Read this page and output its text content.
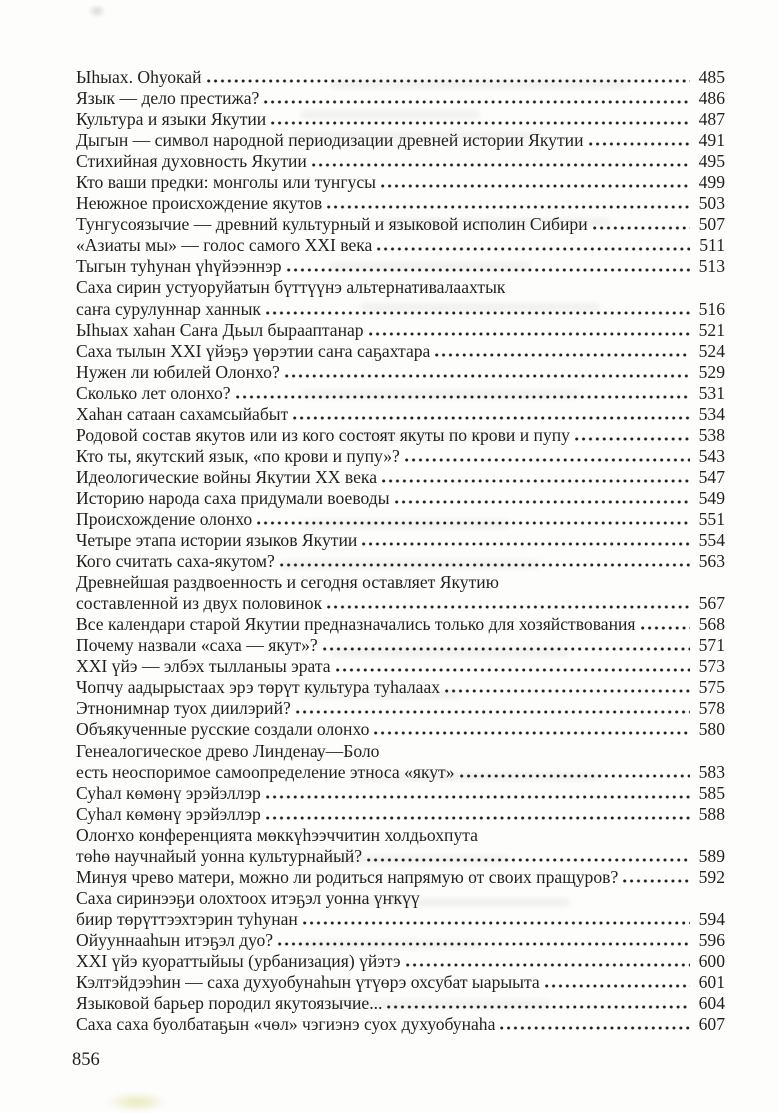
Ыһыах. Оһуокай	485
Язык — дело престижа?	486
Культура и языки Якутии	487
Дыгын — символ народной периодизации древней истории Якутии	491
Стихийная духовность Якутии	495
Кто ваши предки: монголы или тунгусы	499
Неюжное происхождение якутов	503
Тунгусоязычие — древний культурный и языковой исполин Сибири	507
«Азиаты мы» — голос самого XXI века	511
Тыгын туһунан үһүйээннэр	513
Саха сирин устуоруйатын бүттүүнэ альтернативалаахтык
саҥа сурулуннар ханнык	516
Ыһыах хаһан Саҥа Дьыл бырааптанар	521
Саха тылын XXI үйэҕэ үөрэтии саҥа саҕахтара	524
Нужен ли юбилей Олонхо?	529
Сколько лет олонхо?	531
Хаһан сатаан сахамсыйабыт	534
Родовой состав якутов или из кого состоят якуты по крови и пупу	538
Кто ты, якутский язык, «по крови и пупу»?	543
Идеологические войны Якутии XX века	547
Историю народа саха придумали воеводы	549
Происхождение олонхо	551
Четыре этапа истории языков Якутии	554
Кого считать саха-якутом?	563
Древнейшая раздвоенность и сегодня оставляет Якутию
составленной из двух половинок	567
Все календари старой Якутии предназначались только для хозяйствования	568
Почему назвали «саха — якут»?	571
XXI үйэ — элбэх тылланыы эрата	573
Чопчу аадырыстаах эрэ төрүт культура туһалаах	575
Этнонимнар туох диилэрий?	578
Объякученные русские создали олонхо	580
Генеалогическое древо Линденау—Боло
есть неоспоримое самоопределение этноса «якут»	583
Суһал көмөнү эрэйэллэр	585
Суһал көмөнү эрэйэллэр	588
Олоҥхо конференцията мөккүһээччитин холдьохпута
төһө научнайый уонна культурнайый?	589
Минуя чрево матери, можно ли родиться напрямую от своих пращуров?	592
Саха сиринээҕи олохтоох итэҕэл уонна үҥкүү
биир төрүттээхтэрин туһунан	594
Ойууннааһын итэҕэл дуо?	596
XXI үйэ куораттыйыы (урбанизация) үйэтэ	600
Кэлтэйдээһин — саха духуобунаһын үтүөрэ охсубат ыарыыта	601
Языковой барьер породил якутоязычие...	604
Саха саха буолбатаҕын «чөл» чэгиэнэ суох духуобунаһа	607
856
